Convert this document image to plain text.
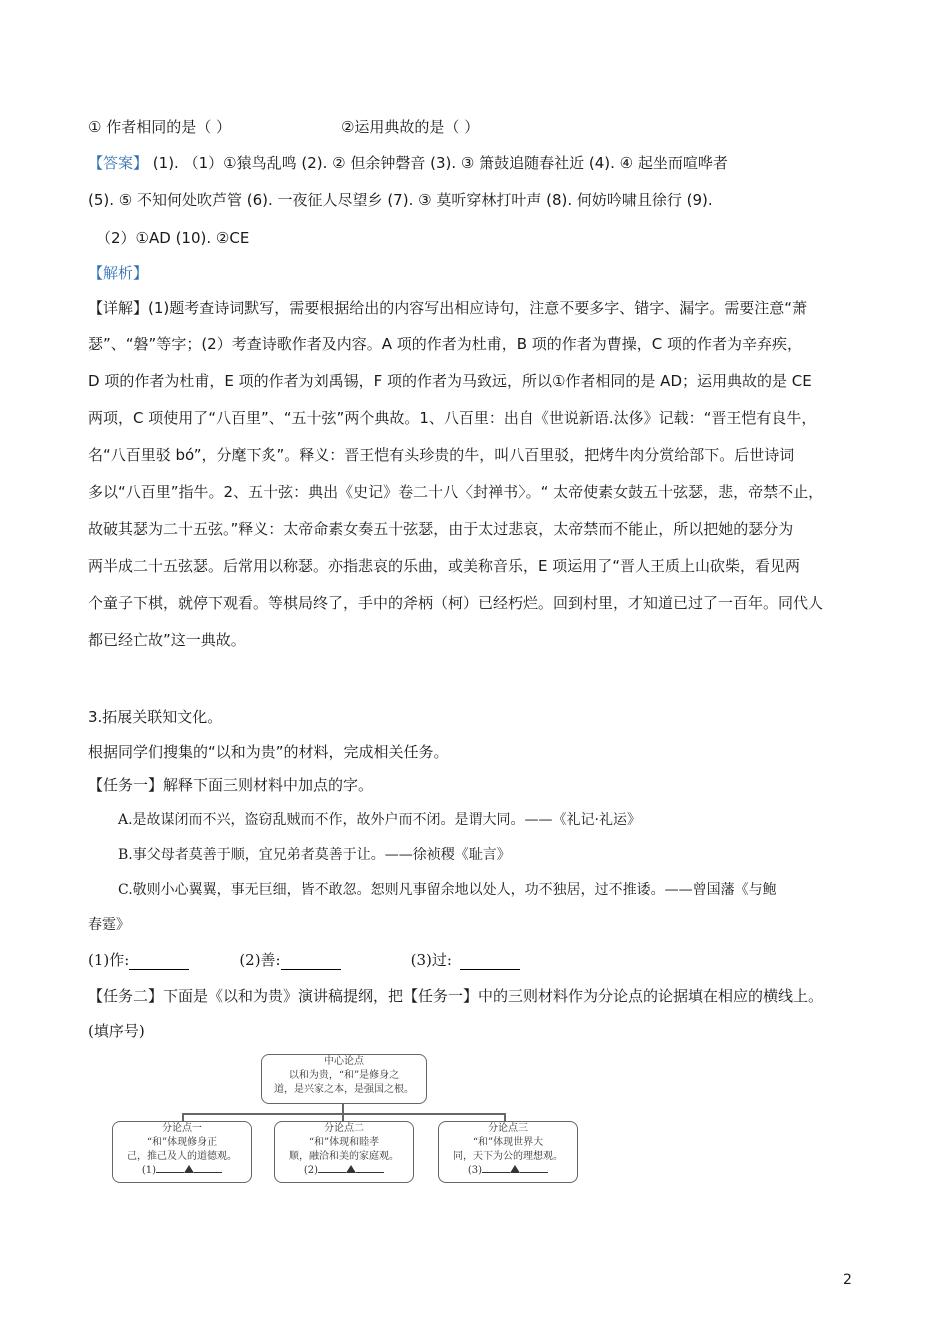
① 作者相同的是（ ）	②运用典故的是（ ）
【答案】 (1). （1）①猿鸟乱鸣 (2). ② 但余钟磬音 (3). ③ 箫鼓追随春社近 (4). ④ 起坐而喧哗者
(5). ⑤ 不知何处吹芦管 (6). 一夜征人尽望乡 (7). ③ 莫听穿林打叶声 (8). 何妨吟啸且徐行 (9).
（2）①AD (10). ②CE
【解析】
【详解】(1)题考查诗词默写，需要根据给出的内容写出相应诗句，注意不要多字、错字、漏字。需要注意“萧
瑟”、“磐”等字；(2）考查诗歌作者及内容。A 项的作者为杜甫，B 项的作者为曹操，C 项的作者为辛弃疾，
D 项的作者为杜甫，E 项的作者为刘禹锡，F 项的作者为马致远，所以①作者相同的是 AD；运用典故的是 CE
两项，C 项使用了“八百里”、“五十弦”两个典故。1、八百里：出自《世说新语.汰侈》记载：“晋王恺有良牛，
名“八百里驳 bó”，分麾下炙”。释义：晋王恺有头珍贵的牛，叫八百里驳，把烤牛肉分赏给部下。后世诗词
多以“八百里”指牛。2、五十弦：典出《史记》卷二十八〈封禅书〉。“ 太帝使素女鼓五十弦瑟，悲，帝禁不止，
故破其瑟为二十五弦。”释义：太帝命素女奏五十弦瑟，由于太过悲哀，太帝禁而不能止，所以把她的瑟分为
两半成二十五弦瑟。后常用以称瑟。亦指悲哀的乐曲，或美称音乐，E 项运用了“晋人王质上山砍柴，看见两
个童子下棋，就停下观看。等棋局终了，手中的斧柄（柯）已经朽烂。回到村里，才知道已过了一百年。同代人
都已经亡故”这一典故。
3.拓展关联知文化。
根据同学们搜集的“以和为贵”的材料，完成相关任务。
【任务一】解释下面三则材料中加点的字。
A.是故谋闭而不兴，盗窃乱贼而不作，故外户而不闭。是谓大同。——《礼记·礼运》
B.事父母者莫善于顺，宜兄弟者莫善于让。——徐祯稷《耻言》
C.敬则小心翼翼，事无巨细，皆不敢忽。恕则凡事留余地以处人，功不独居，过不推诿。——曾国藩《与鲍
春霆》
(1)作:	(2)善:	(3)过:
【任务二】下面是《以和为贵》演讲稿提纲，把【任务一】中的三则材料作为分论点的论据填在相应的横线上。
(填序号)
中心论点
以和为贵，“和”是修身之
道，是兴家之本，是强国之根。
分论点一
“和”体现修身正
己，推己及人的道德观。
(1)
分论点二
“和”体现和睦孝
顺，融洽和美的家庭观。
(2)
分论点三
“和”体现世界大
同，天下为公的理想观。
(3)
2
